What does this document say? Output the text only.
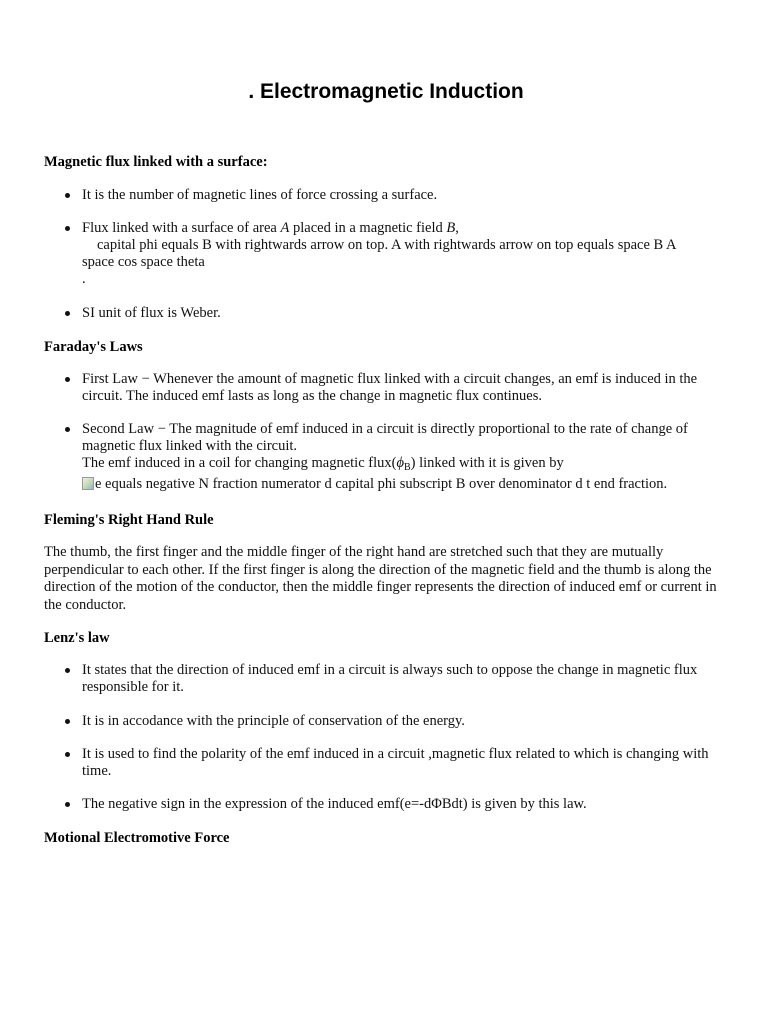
. Electromagnetic Induction
Magnetic flux linked with a surface:
It is the number of magnetic lines of force crossing a surface.
Flux linked with a surface of area A placed in a magnetic field B,
capital phi equals B with rightwards arrow on top. A with rightwards arrow on top equals space B A
space cos space theta
.
SI unit of flux is Weber.
Faraday's Laws
First Law − Whenever the amount of magnetic flux linked with a circuit changes, an emf is induced in the circuit. The induced emf lasts as long as the change in magnetic flux continues.
Second Law − The magnitude of emf induced in a circuit is directly proportional to the rate of change of magnetic flux linked with the circuit.
The emf induced in a coil for changing magnetic $flux(\phi_B)$ linked with it is given by
e equals negative N fraction numerator d capital phi subscript B over denominator d t end fraction.
Fleming's Right Hand Rule

The thumb, the first finger and the middle finger of the right hand are stretched such that they are mutually perpendicular to each other. If the first finger is along the direction of the magnetic field and the thumb is along the direction of the motion of the conductor, then the middle finger represents the direction of induced emf or current in the conductor.

Lenz's law
It states that the direction of induced emf in a circuit is always such to oppose the change in magnetic flux responsible for it.
It is in accodance with the principle of conservation of the energy.
It is used to find the polarity of the emf induced in a circuit ,magnetic flux related to which is changing with time.
The negative sign in the expression of the induced emf(e=-dΦBdt) is given by this law.
Motional Electromotive Force
